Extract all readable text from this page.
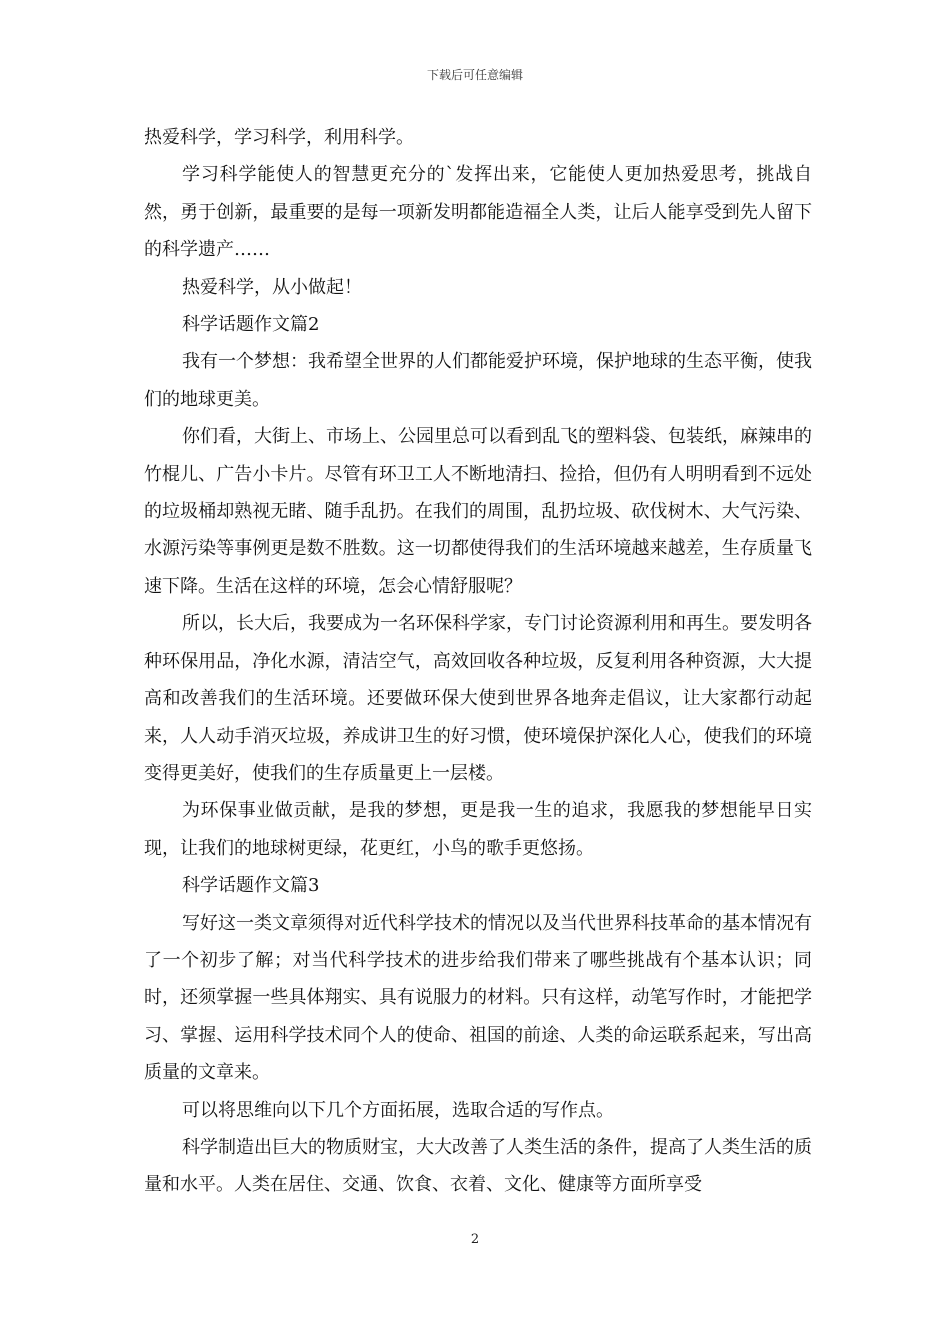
下载后可任意编辑

热爱科学，学习科学，利用科学。

学习科学能使人的智慧更充分的`发挥出来，它能使人更加热爱思考，挑战自然，勇于创新，最重要的是每一项新发明都能造福全人类，让后人能享受到先人留下的科学遗产……

热爱科学，从小做起！

科学话题作文篇2

我有一个梦想：我希望全世界的人们都能爱护环境，保护地球的生态平衡，使我们的地球更美。

你们看，大街上、市场上、公园里总可以看到乱飞的塑料袋、包装纸，麻辣串的竹棍儿、广告小卡片。尽管有环卫工人不断地清扫、捡拾，但仍有人明明看到不远处的垃圾桶却熟视无睹、随手乱扔。在我们的周围，乱扔垃圾、砍伐树木、大气污染、水源污染等事例更是数不胜数。这一切都使得我们的生活环境越来越差，生存质量飞速下降。生活在这样的环境，怎会心情舒服呢？

所以，长大后，我要成为一名环保科学家，专门讨论资源利用和再生。要发明各种环保用品，净化水源，清洁空气，高效回收各种垃圾，反复利用各种资源，大大提高和改善我们的生活环境。还要做环保大使到世界各地奔走倡议，让大家都行动起来，人人动手消灭垃圾，养成讲卫生的好习惯，使环境保护深化人心，使我们的环境变得更美好，使我们的生存质量更上一层楼。

为环保事业做贡献，是我的梦想，更是我一生的追求，我愿我的梦想能早日实现，让我们的地球树更绿，花更红，小鸟的歌手更悠扬。

科学话题作文篇3

写好这一类文章须得对近代科学技术的情况以及当代世界科技革命的基本情况有了一个初步了解；对当代科学技术的进步给我们带来了哪些挑战有个基本认识；同时，还须掌握一些具体翔实、具有说服力的材料。只有这样，动笔写作时，才能把学习、掌握、运用科学技术同个人的使命、祖国的前途、人类的命运联系起来，写出高质量的文章来。

可以将思维向以下几个方面拓展，选取合适的写作点。

科学制造出巨大的物质财宝，大大改善了人类生活的条件，提高了人类生活的质量和水平。人类在居住、交通、饮食、衣着、文化、健康等方面所享受

2
